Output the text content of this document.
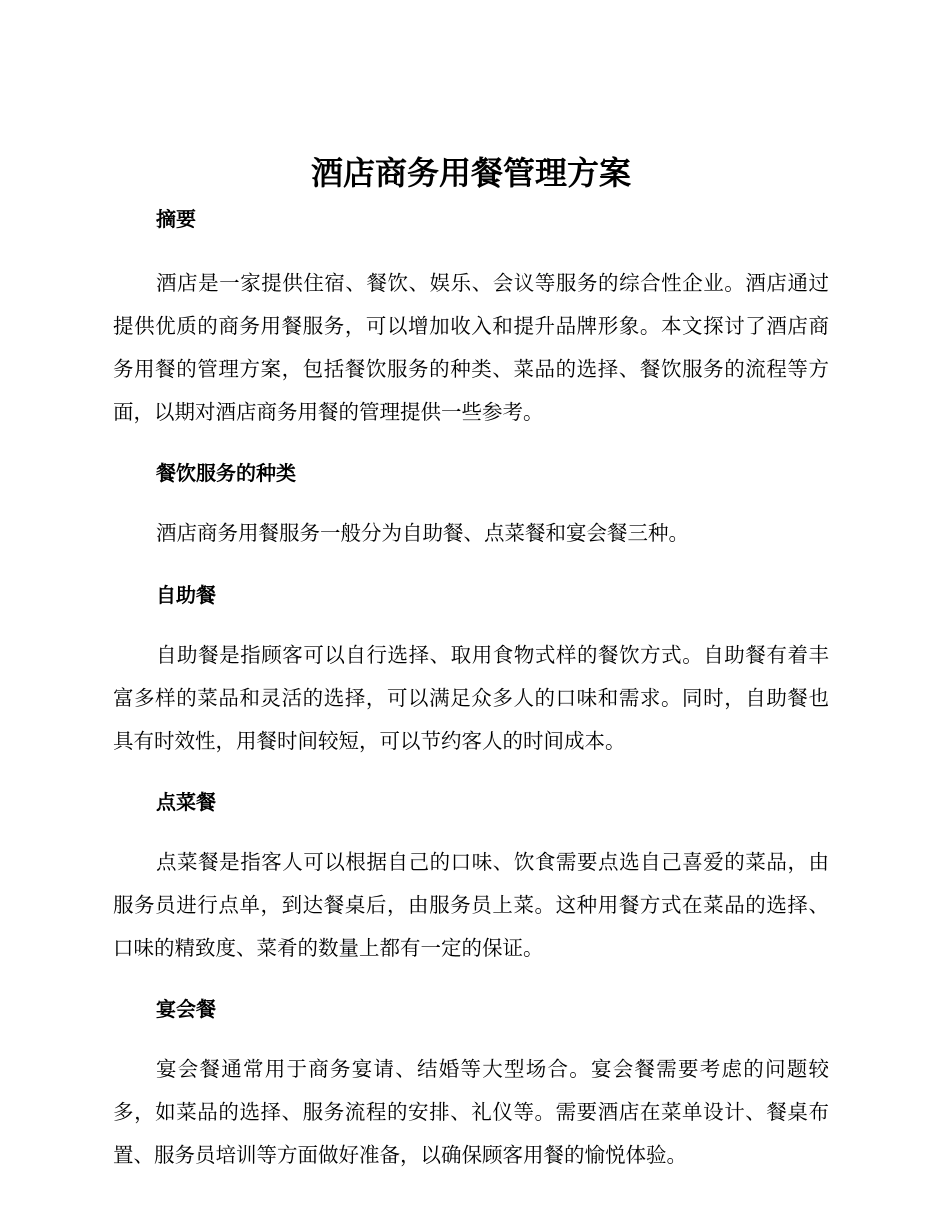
酒店商务用餐管理方案
摘要

酒店是一家提供住宿、餐饮、娱乐、会议等服务的综合性企业。酒店通过提供优质的商务用餐服务，可以增加收入和提升品牌形象。本文探讨了酒店商务用餐的管理方案，包括餐饮服务的种类、菜品的选择、餐饮服务的流程等方面，以期对酒店商务用餐的管理提供一些参考。

餐饮服务的种类

酒店商务用餐服务一般分为自助餐、点菜餐和宴会餐三种。

自助餐

自助餐是指顾客可以自行选择、取用食物式样的餐饮方式。自助餐有着丰富多样的菜品和灵活的选择，可以满足众多人的口味和需求。同时，自助餐也具有时效性，用餐时间较短，可以节约客人的时间成本。

点菜餐

点菜餐是指客人可以根据自己的口味、饮食需要点选自己喜爱的菜品，由服务员进行点单，到达餐桌后，由服务员上菜。这种用餐方式在菜品的选择、口味的精致度、菜肴的数量上都有一定的保证。

宴会餐

宴会餐通常用于商务宴请、结婚等大型场合。宴会餐需要考虑的问题较多，如菜品的选择、服务流程的安排、礼仪等。需要酒店在菜单设计、餐桌布置、服务员培训等方面做好准备，以确保顾客用餐的愉悦体验。
